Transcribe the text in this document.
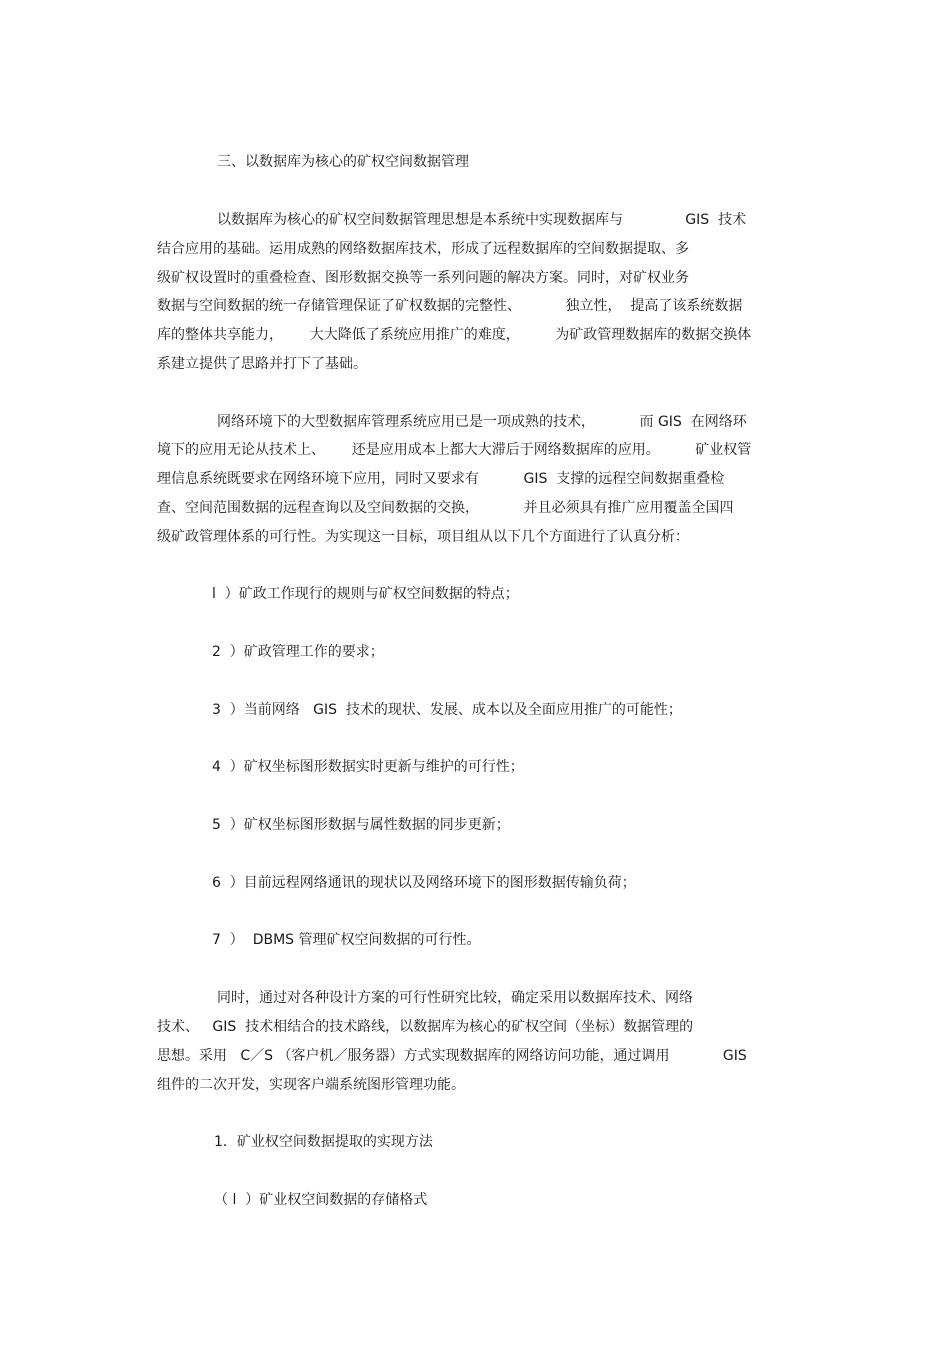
三、以数据库为核心的矿权空间数据管理
以数据库为核心的矿权空间数据管理思想是本系统中实现数据库与              GIS  技术
结合应用的基础。运用成熟的网络数据库技术，形成了远程数据库的空间数据提取、多
级矿权设置时的重叠检查、图形数据交换等一系列问题的解决方案。同时，对矿权业务
数据与空间数据的统一存储管理保证了矿权数据的完整性、          独立性，  提高了该系统数据
库的整体共享能力，      大大降低了系统应用推广的难度，        为矿政管理数据库的数据交换体
系建立提供了思路并打下了基础。
网络环境下的大型数据库管理系统应用已是一项成熟的技术，          而 GIS  在网络环
境下的应用无论从技术上、      还是应用成本上都大大滞后于网络数据库的应用。        矿业权管
理信息系统既要求在网络环境下应用，同时又要求有          GIS  支撑的远程空间数据重叠检
查、空间范围数据的远程查询以及空间数据的交换，          并且必须具有推广应用覆盖全国四
级矿政管理体系的可行性。为实现这一目标，项目组从以下几个方面进行了认真分析：
l  ）矿政工作现行的规则与矿权空间数据的特点；
2  ）矿政管理工作的要求；
3  ）当前网络   GIS  技术的现状、发展、成本以及全面应用推广的可能性；
4  ）矿权坐标图形数据实时更新与维护的可行性；
5  ）矿权坐标图形数据与属性数据的同步更新；
6  ）目前远程网络通讯的现状以及网络环境下的图形数据传输负荷；
7  ）  DBMS 管理矿权空间数据的可行性。
同时，通过对各种设计方案的可行性研究比较，确定采用以数据库技术、网络
技术、   GIS  技术相结合的技术路线，以数据库为核心的矿权空间（坐标）数据管理的
思想。采用   C／S （客户机／服务器）方式实现数据库的网络访问功能，通过调用            GIS
组件的二次开发，实现客户端系统图形管理功能。
1．矿业权空间数据提取的实现方法
（ l  ）矿业权空间数据的存储格式
